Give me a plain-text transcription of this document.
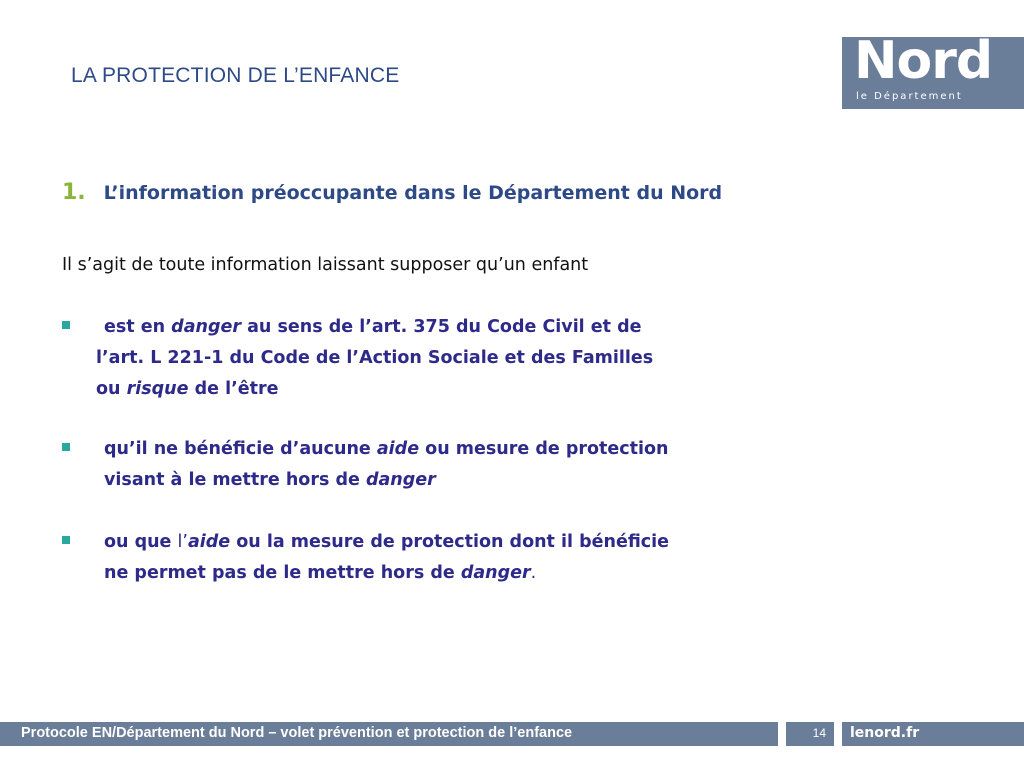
LA PROTECTION DE L’ENFANCE	Nord
le Département
1. L’information préoccupante dans le Département du Nord
Il s’agit de toute information laissant supposer qu’un enfant
est en danger au sens de l’art. 375 du Code Civil et de
l’art. L 221-1 du Code de l’Action Sociale et des Familles
ou risque de l’être
qu’il ne bénéficie d’aucune aide ou mesure de protection
visant à le mettre hors de danger
ou que l’aide ou la mesure de protection dont il bénéficie
ne permet pas de le mettre hors de danger.
Protocole EN/Département du Nord – volet prévention et protection de l’enfance	14 lenord.fr
